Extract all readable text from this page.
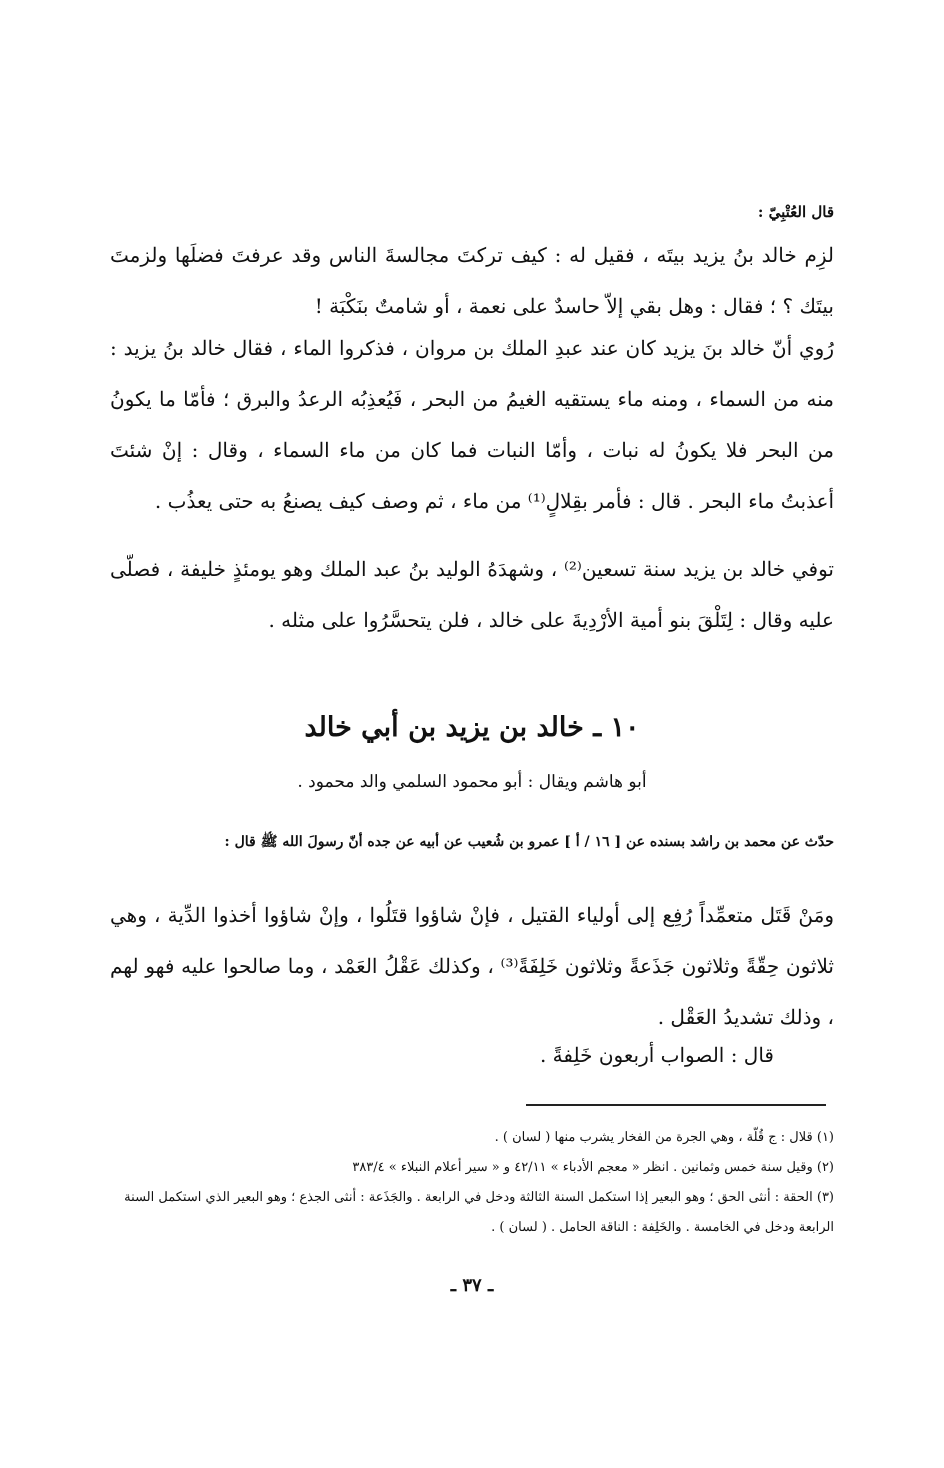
قال العُتْبِيّ :

لزِم خالد بنُ يزيد بيتَه ، فقيل له : كيف تركتَ مجالسةَ الناس وقد عرفتَ فضلَها ولزمتَ بيتَك ؟ ؛ فقال : وهل بقي إلاّ حاسدٌ على نعمة ، أو شامتٌ بنَكْبَة !

رُوي أنّ خالد بنَ يزيد كان عند عبدِ الملك بن مروان ، فذكروا الماء ، فقال خالد بنُ يزيد : منه من السماء ، ومنه ماء يستقيه الغيمُ من البحر ، فَيُعذِبُه الرعدُ والبرق ؛ فأمّا ما يكونُ من البحر فلا يكونُ له نبات ، وأمّا النبات فما كان من ماء السماء ، وقال : إنْ شئتَ أعذبتُ ماء البحر . قال : فأمر بقِلالٍ⁽¹⁾ من ماء ، ثم وصف كيف يصنعُ به حتى يعذُب .

توفي خالد بن يزيد سنة تسعين⁽²⁾ ، وشهدَهُ الوليد بنُ عبد الملك وهو يومئذٍ خليفة ، فصلّى عليه وقال : لِتَلْقَ بنو أمية الأرْدِيةَ على خالد ، فلن يتحسَّرُوا على مثله .

١٠ ـ خالد بن يزيد بن أبي خالد
أبو هاشم ويقال : أبو محمود السلمي والد محمود .
حدّث عن محمد بن راشد بسنده عن [ ١٦ / أ ] عمرو بن شُعيب عن أبيه عن جده أنّ رسولَ الله ﷺ قال :

ومَنْ قَتَل متعمِّداً رُفِع إلى أولياء القتيل ، فإنْ شاؤوا قتَلُوا ، وإنْ شاؤوا أخذوا الدِّية ، وهي ثلاثون حِقّةً وثلاثون جَذَعةً وثلاثون خَلِفَةً⁽³⁾ ، وكذلك عَقْلُ العَمْد ، وما صالحوا عليه فهو لهم ، وذلك تشديدُ العَقْل .

قال : الصواب أربعون خَلِفةً .

(١) قلال : ج قُلّة ، وهي الجرة من الفخار يشرب منها ( لسان ) .

(٢) وقيل سنة خمس وثمانين . انظر « معجم الأدباء » ٤٢/١١ و « سير أعلام النبلاء » ٣٨٣/٤

(٣) الحقة : أنثى الحق ؛ وهو البعير إذا استكمل السنة الثالثة ودخل في الرابعة . والجَذَعة : أنثى الجذع ؛ وهو البعير الذي استكمل السنة الرابعة ودخل في الخامسة . والخَلِفة : الناقة الحامل . ( لسان ) .

ـ ٣٧ ـ
